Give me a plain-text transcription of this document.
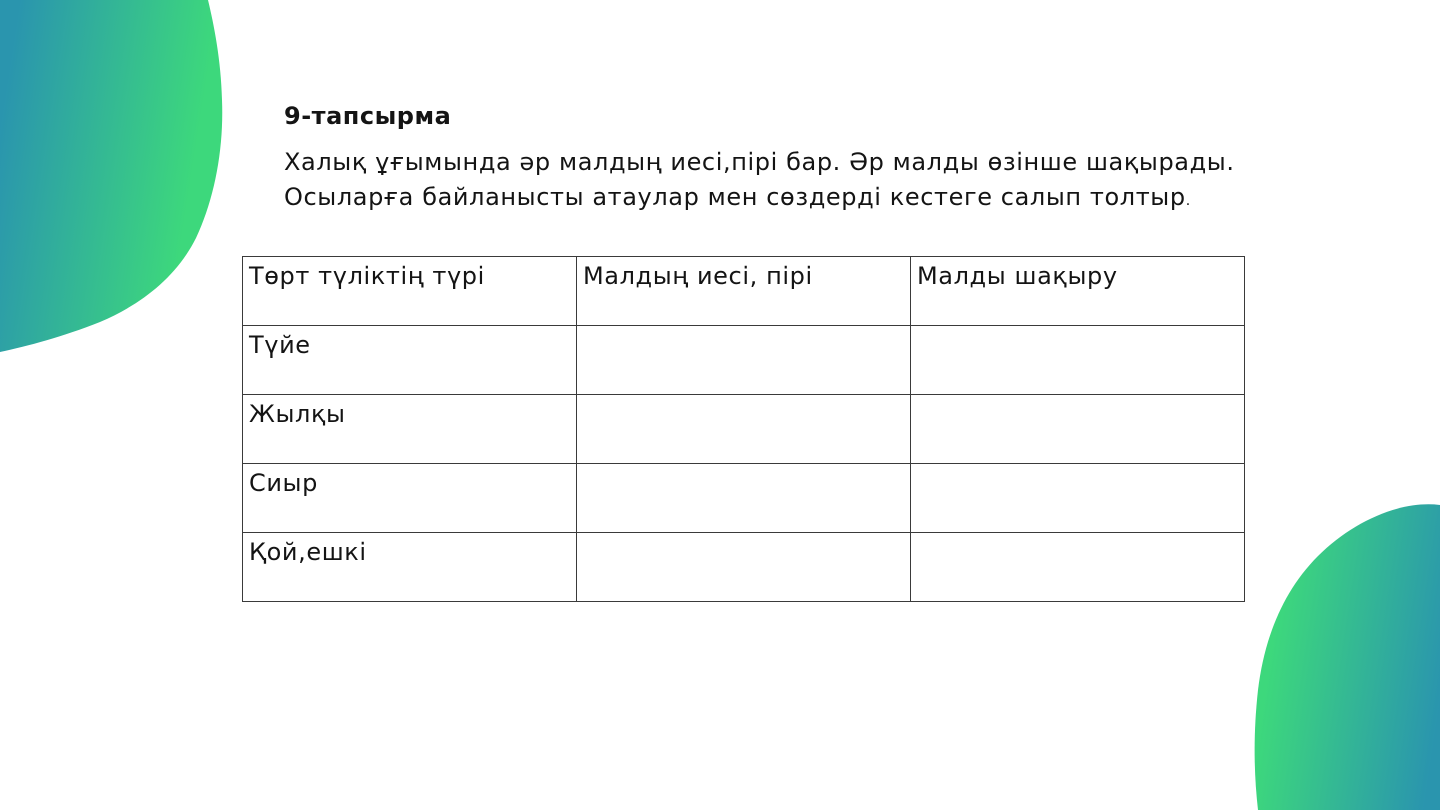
9-тапсырма

Халық ұғымында әр малдың иесі,пірі бар. Әр малды өзінше шақырады.
Осыларға байланысты атаулар мен сөздерді кестеге салып толтыр.

Төрт түліктің түрі	Малдың иесі, пірі	Малды шақыру
Түйе		
Жылқы		
Сиыр		
Қой,ешкі		
